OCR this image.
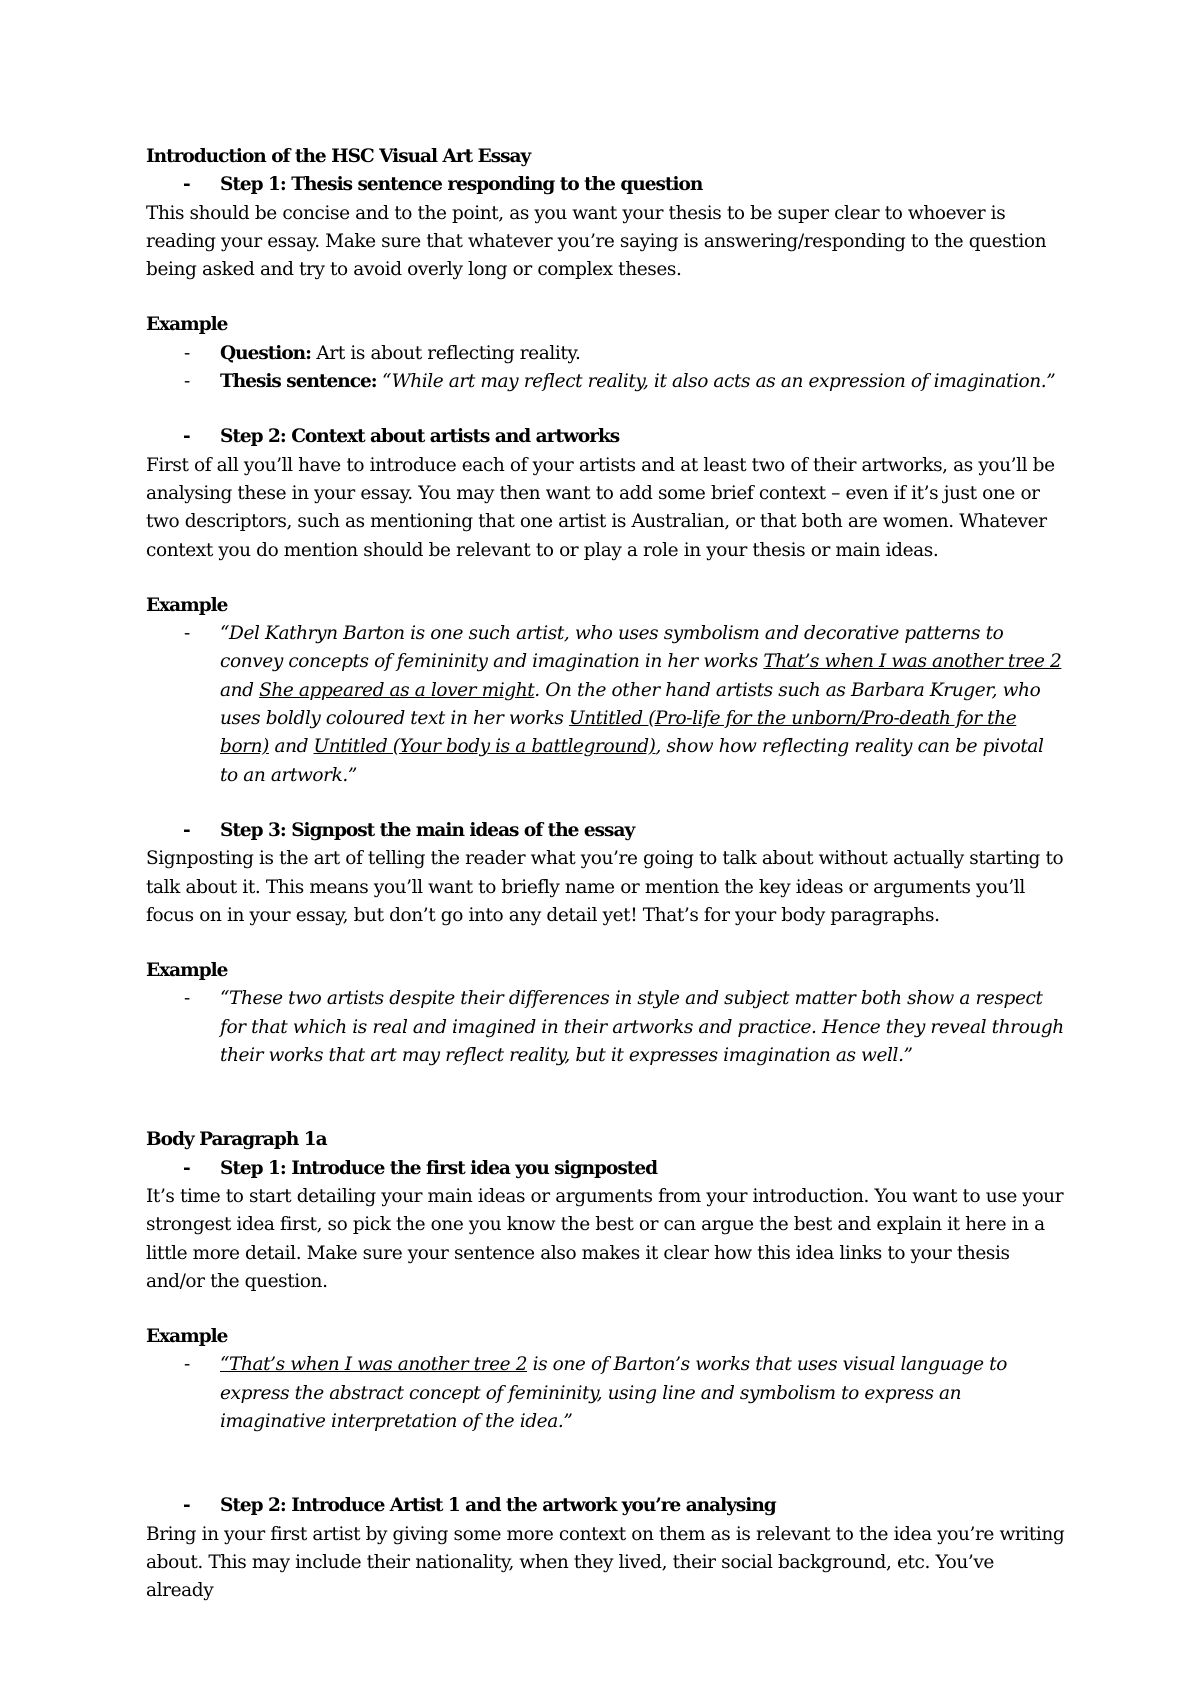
Introduction of the HSC Visual Art Essay

- Step 1: Thesis sentence responding to the question

This should be concise and to the point, as you want your thesis to be super clear to whoever is reading your essay. Make sure that whatever you’re saying is answering/responding to the question being asked and try to avoid overly long or complex theses.

Example

- Question: Art is about reflecting reality.

- Thesis sentence: “While art may reflect reality, it also acts as an expression of imagination.”

- Step 2: Context about artists and artworks

First of all you’ll have to introduce each of your artists and at least two of their artworks, as you’ll be analysing these in your essay. You may then want to add some brief context – even if it’s just one or two descriptors, such as mentioning that one artist is Australian, or that both are women. Whatever context you do mention should be relevant to or play a role in your thesis or main ideas.

Example

- “Del Kathryn Barton is one such artist, who uses symbolism and decorative patterns to convey concepts of femininity and imagination in her works That’s when I was another tree 2 and She appeared as a lover might. On the other hand artists such as Barbara Kruger, who uses boldly coloured text in her works Untitled (Pro-life for the unborn/Pro-death for the born) and Untitled (Your body is a battleground), show how reflecting reality can be pivotal to an artwork.”

- Step 3: Signpost the main ideas of the essay

Signposting is the art of telling the reader what you’re going to talk about without actually starting to talk about it. This means you’ll want to briefly name or mention the key ideas or arguments you’ll focus on in your essay, but don’t go into any detail yet! That’s for your body paragraphs.

Example

- “These two artists despite their differences in style and subject matter both show a respect for that which is real and imagined in their artworks and practice. Hence they reveal through their works that art may reflect reality, but it expresses imagination as well.”

Body Paragraph 1a

- Step 1: Introduce the first idea you signposted

It’s time to start detailing your main ideas or arguments from your introduction. You want to use your strongest idea first, so pick the one you know the best or can argue the best and explain it here in a little more detail. Make sure your sentence also makes it clear how this idea links to your thesis and/or the question.

Example

- “That’s when I was another tree 2 is one of Barton’s works that uses visual language to express the abstract concept of femininity, using line and symbolism to express an imaginative interpretation of the idea.”

- Step 2: Introduce Artist 1 and the artwork you’re analysing

Bring in your first artist by giving some more context on them as is relevant to the idea you’re writing about. This may include their nationality, when they lived, their social background, etc. You’ve already
